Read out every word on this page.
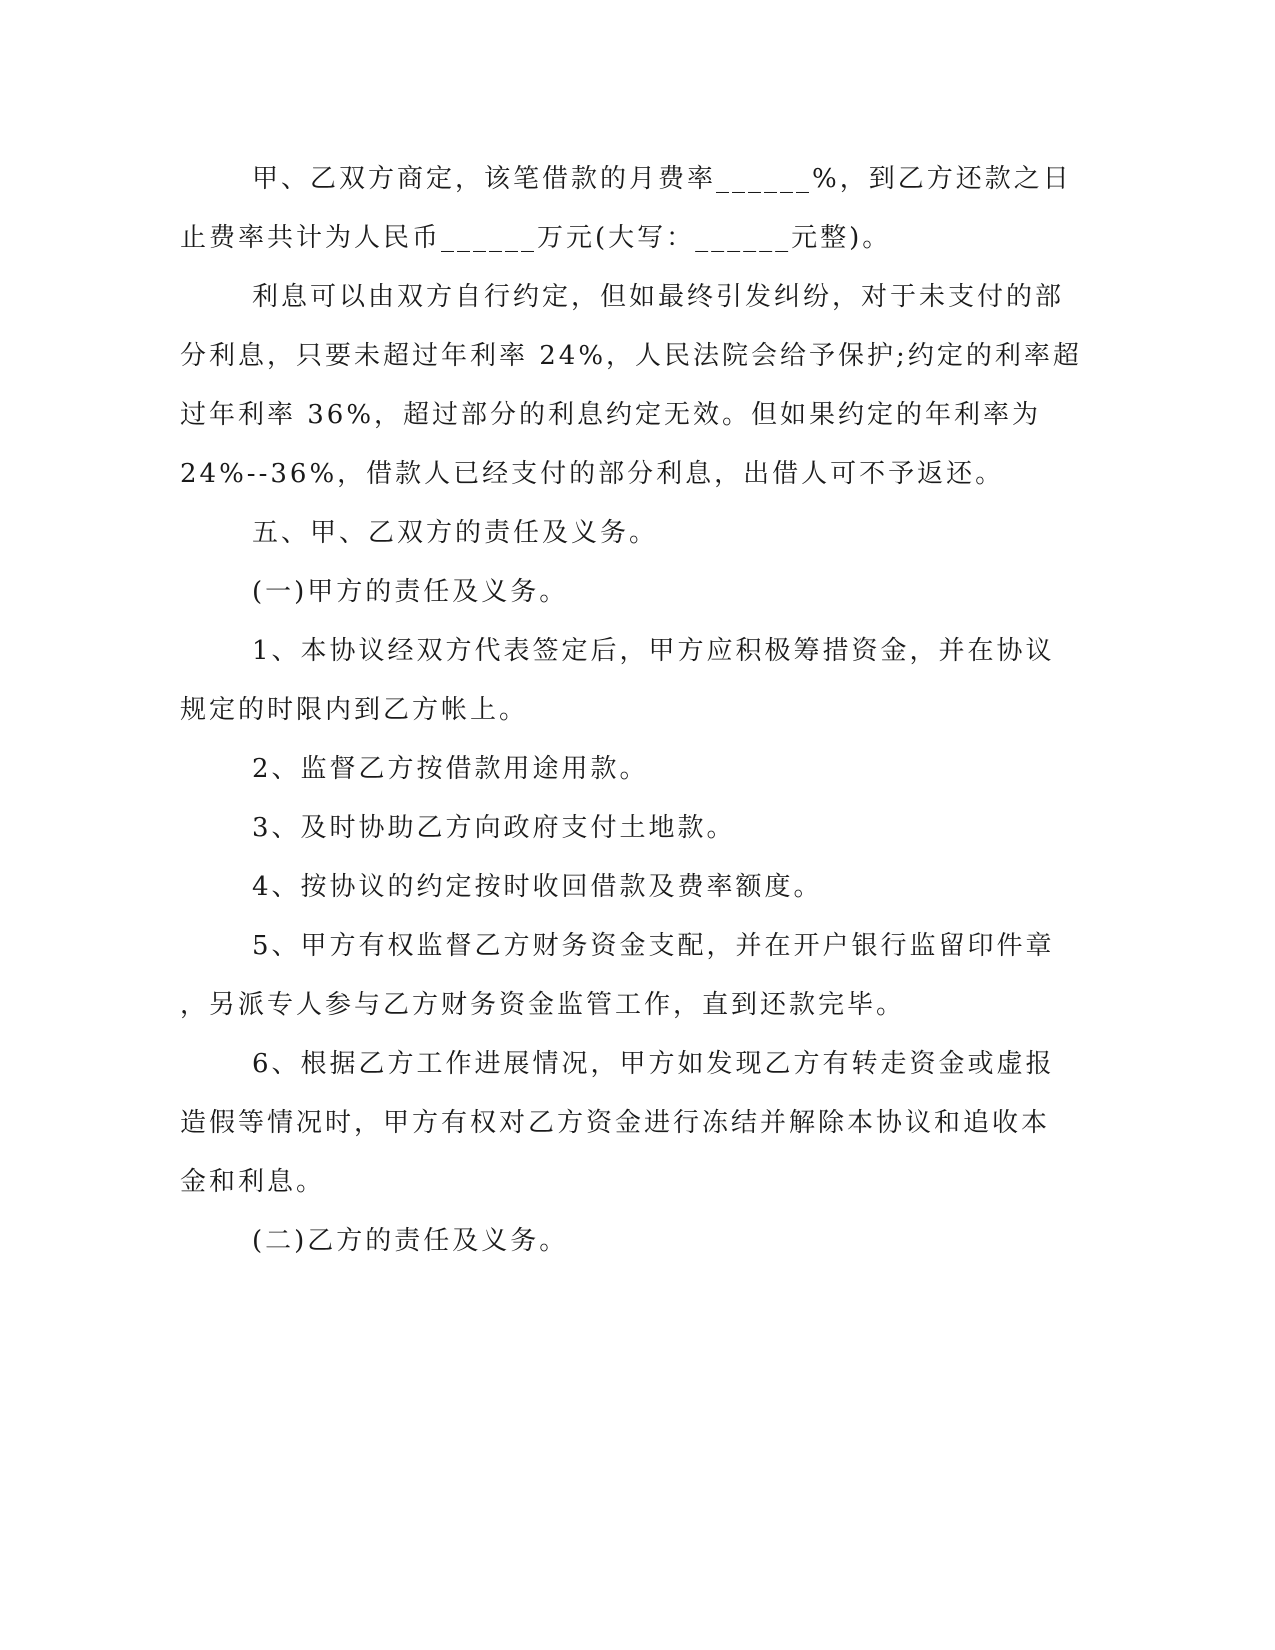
甲、乙双方商定，该笔借款的月费率______%，到乙方还款之日
止费率共计为人民币______万元(大写：______元整)。

利息可以由双方自行约定，但如最终引发纠纷，对于未支付的部
分利息，只要未超过年利率 24%，人民法院会给予保护;约定的利率超
过年利率 36%，超过部分的利息约定无效。但如果约定的年利率为
24%--36%，借款人已经支付的部分利息，出借人可不予返还。

五、甲、乙双方的责任及义务。

(一)甲方的责任及义务。

1、本协议经双方代表签定后，甲方应积极筹措资金，并在协议
规定的时限内到乙方帐上。

2、监督乙方按借款用途用款。

3、及时协助乙方向政府支付土地款。

4、按协议的约定按时收回借款及费率额度。

5、甲方有权监督乙方财务资金支配，并在开户银行监留印件章
，另派专人参与乙方财务资金监管工作，直到还款完毕。

6、根据乙方工作进展情况，甲方如发现乙方有转走资金或虚报
造假等情况时，甲方有权对乙方资金进行冻结并解除本协议和追收本
金和利息。

(二)乙方的责任及义务。
